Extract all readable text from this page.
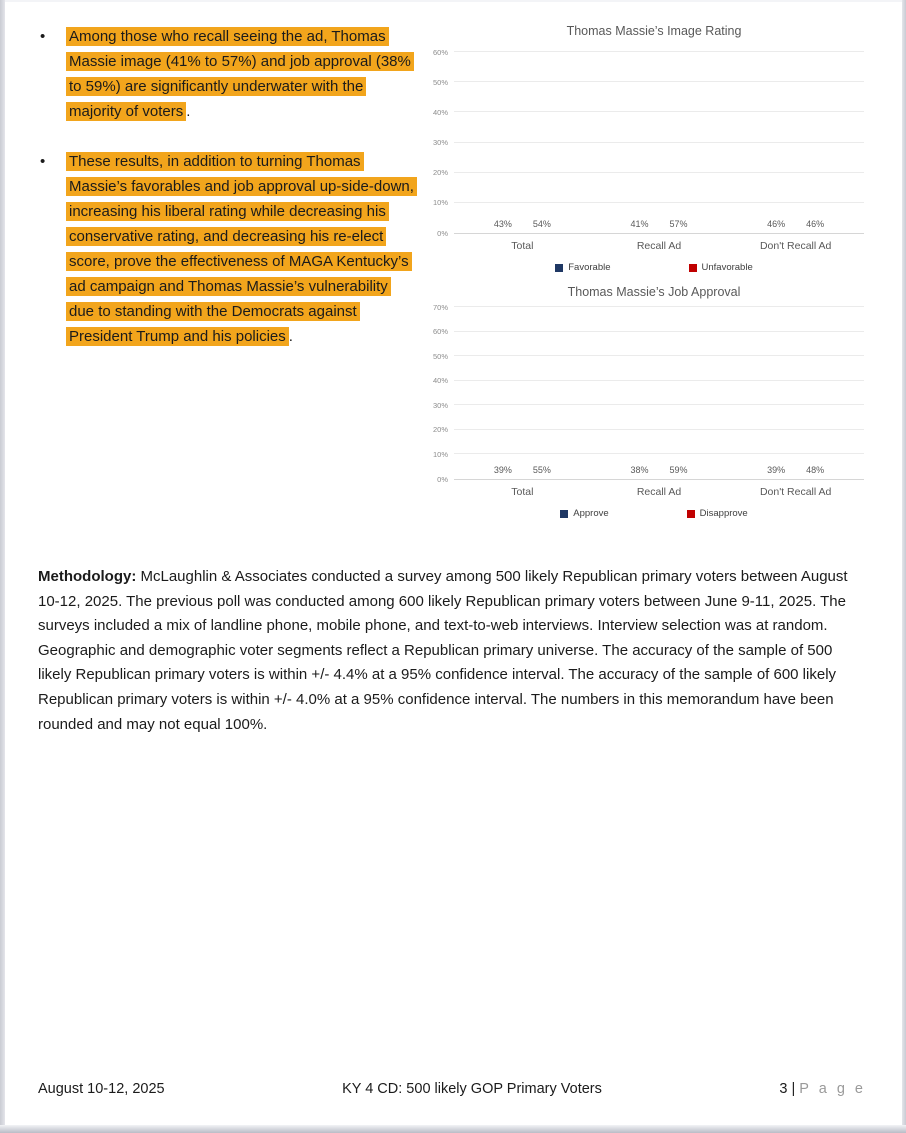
•	Among those who recall seeing the ad, Thomas Massie image (41% to 57%) and job approval (38% to 59%) are significantly underwater with the majority of voters .

•	These results, in addition to turning Thomas Massie’s favorables and job approval up-side-down, increasing his liberal rating while decreasing his conservative rating, and decreasing his re-elect score, prove the effectiveness of MAGA Kentucky’s ad campaign and Thomas Massie’s vulnerability due to standing with the Democrats against President Trump and his policies .

Thomas Massie’s Image Rating
43%	54%	41%	57%	46%	46%
0%
10%
20%
30%
40%
50%
60%
Total	Recall Ad	Don't Recall Ad
Favorable	Unfavorable
Thomas Massie’s Job Approval
39%	55%	38%	59%	39%	48%
0%
10%
20%
30%
40%
50%
60%
70%
Total	Recall Ad	Don't Recall Ad
Approve	Disapprove

Methodology: McLaughlin & Associates conducted a survey among 500 likely Republican primary voters between August 10-12, 2025. The previous poll was conducted among 600 likely Republican primary voters between June 9-11, 2025. The surveys included a mix of landline phone, mobile phone, and text-to-web interviews. Interview selection was at random. Geographic and demographic voter segments reflect a Republican primary universe. The accuracy of the sample of 500 likely Republican primary voters is within +/- 4.4% at a 95% confidence interval. The accuracy of the sample of 600 likely Republican primary voters is within +/- 4.0% at a 95% confidence interval. The numbers in this memorandum have been rounded and may not equal 100%.

August 10-12, 2025	KY 4 CD: 500 likely GOP Primary Voters	3 | P a g e
